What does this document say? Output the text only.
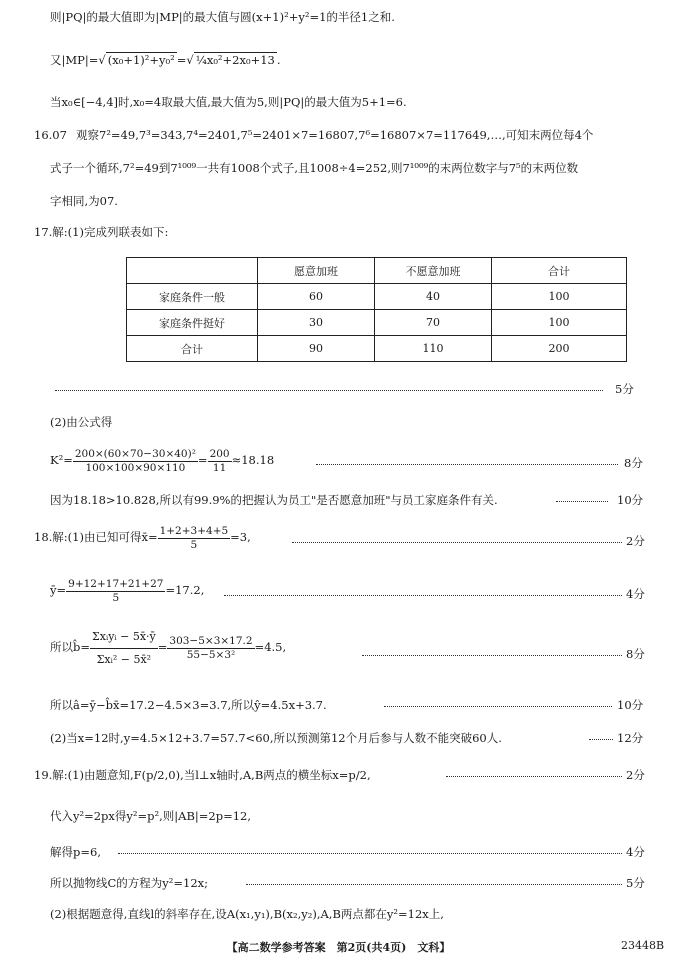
则|PQ|的最大值即为|MP|的最大值与圆(x+1)²+y²=1的半径1之和.
又|MP|=√ (x₀+1)²+y₀² =√ ¼x₀²+2x₀+13 .
当x₀∈[−4,4]时,x₀=4取最大值,最大值为5,则|PQ|的最大值为5+1=6.
16.07 观察7²=49,7³=343,7⁴=2401,7⁵=2401×7=16807,7⁶=16807×7=117649,…,可知末两位每4个
式子一个循环,7²=49到7¹⁰⁰⁹一共有1008个式子,且1008÷4=252,则7¹⁰⁰⁹的末两位数字与7⁵的末两位数
字相同,为07.
17.解:(1)完成列联表如下:
	愿意加班	不愿意加班	合计
家庭条件一般	60	40	100
家庭条件挺好	30	70	100
合计	90	110	200
5分
(2)由公式得
$K^2= \frac{\text{200×(60×70−30×40)²}}{100\times 100\times 90\times 110} = \frac{200}{11} \approx 18.18$	8分
因为18.18>10.828,所以有99.9%的把握认为员工"是否愿意加班"与员工家庭条件有关.	10分
18.解:(1)由已知可得x̄= $\frac{1+2+3+4+5}{5} =3$,	2分
ȳ= $\frac{9+12+17+21+27}{5} =17.2$,	4分
所以b̂= $\frac{\text{Σxᵢyᵢ − 5x̄·ȳ}}{\text{Σxᵢ² − 5x̄²}} = \frac{303-5\times 3\times 17.2}{\text{55−5×3²}} =4.5$,	8分
所以â=ȳ−b̂x̄=17.2−4.5×3=3.7,所以ŷ=4.5x+3.7.	10分
(2)当x=12时,y=4.5×12+3.7=57.7<60,所以预测第12个月后参与人数不能突破60人.	12分
19.解:(1)由题意知,F(p/2,0),当l⊥x轴时,A,B两点的横坐标x=p/2,	2分
代入y²=2px得y²=p²,则|AB|=2p=12,
解得p=6,	4分
所以抛物线C的方程为y²=12x;	5分
(2)根据题意得,直线l的斜率存在,设A(x₁,y₁),B(x₂,y₂),A,B两点都在y²=12x上,
【高二数学参考答案　第2页(共4页)　文科】	23448B
